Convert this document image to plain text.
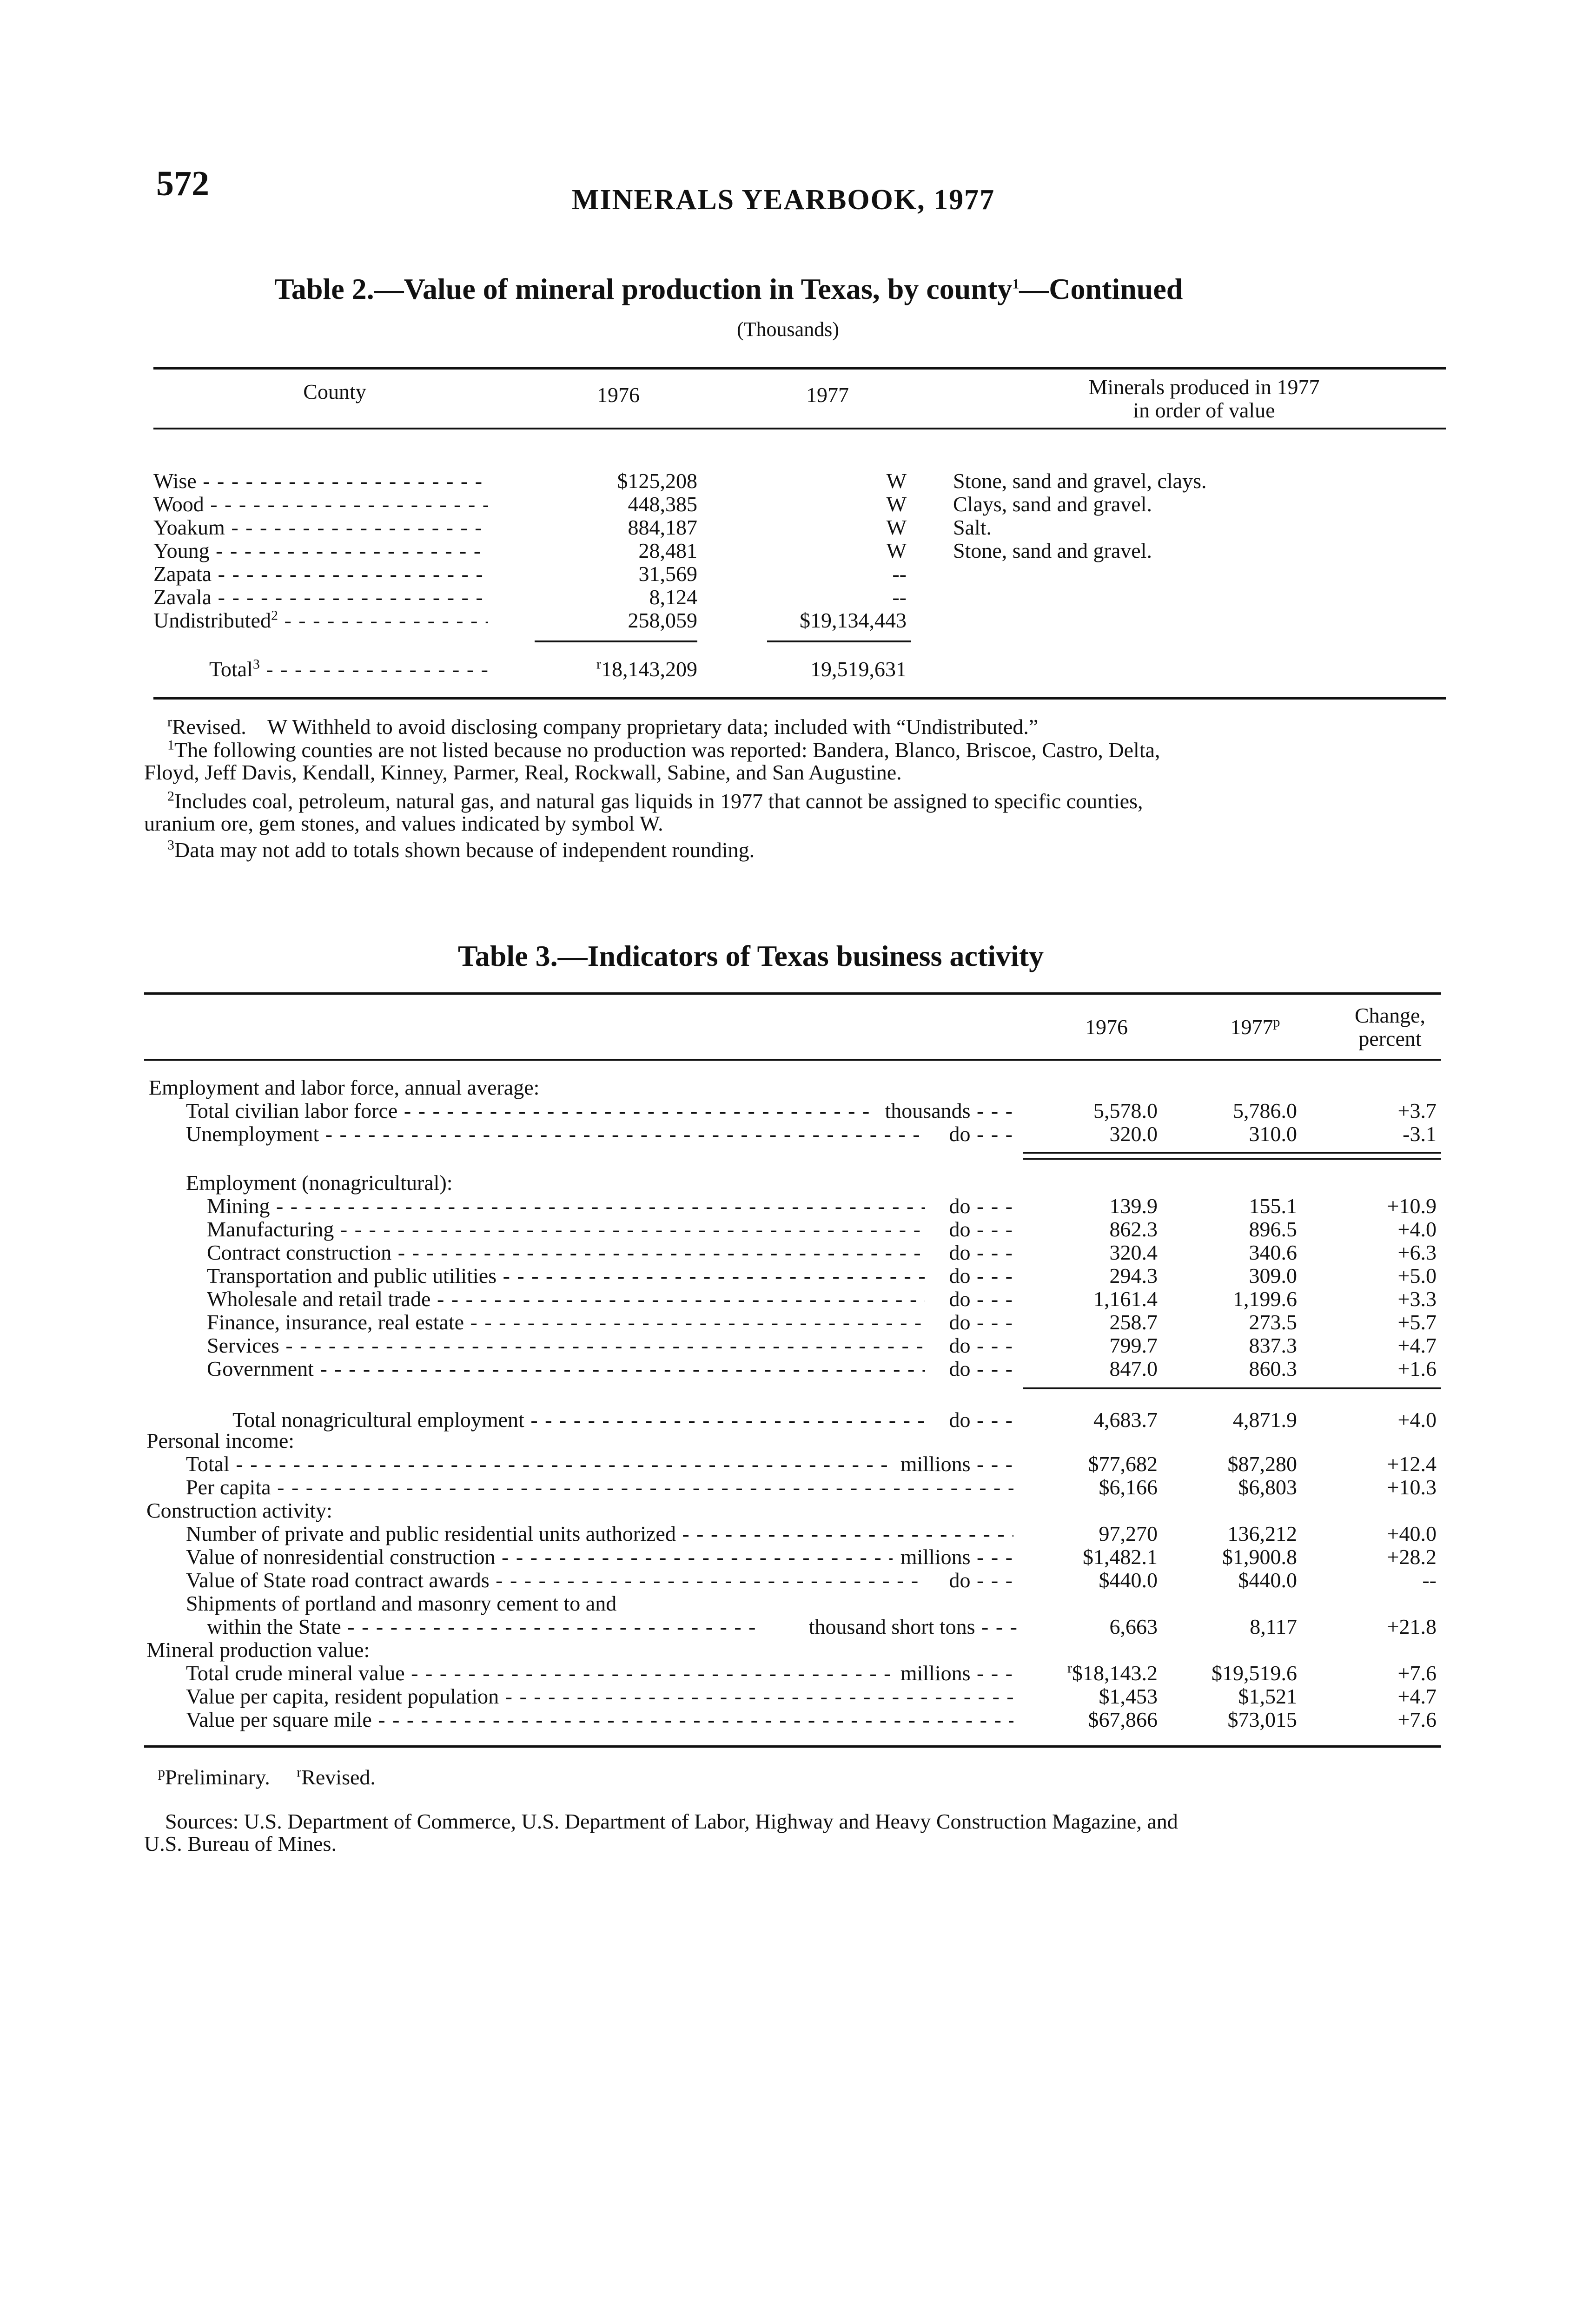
572	MINERALS YEARBOOK, 1977
Table 2.—Value of mineral production in Texas, by county$^1$—Continued
(Thousands)
County	1976	1977	Minerals produced in 1977
in order of value
Wise - - -	$125,208	W Stone, sand and gravel, clays.
Wood - - -	448,385	W Clays, sand and gravel.
Yoakum - - -	884,187	W Salt.
Young - - -	28,481	W Stone, sand and gravel.
Zapata - - -	31,569	--
Zavala - - -	8,124	--
Undistributed$^2$ - - -	258,059	$19,134,443
Total$^3$ - - -	$^r$18,143,209	19,519,631
$^r$Revised. W Withheld to avoid disclosing company proprietary data; included with “Undistributed.”
$^1$The following counties are not listed because no production was reported: Bandera, Blanco, Briscoe, Castro, Delta,
Floyd, Jeff Davis, Kendall, Kinney, Parmer, Real, Rockwall, Sabine, and San Augustine.
$^2$Includes coal, petroleum, natural gas, and natural gas liquids in 1977 that cannot be assigned to specific counties,
uranium ore, gem stones, and values indicated by symbol W.
$^3$Data may not add to totals shown because of independent rounding.
Table 3.—Indicators of Texas business activity
1976	1977$^p$	Change,
percent
Employment and labor force, annual average:
Total civilian labor force - - -	thousands - - -	5,578.0	5,786.0	+3.7
Unemployment - - -	do - - -	320.0	310.0	-3.1
Employment (nonagricultural):
Mining - - -	do - - -	139.9	155.1	+10.9
Manufacturing - - -	do - - -	862.3	896.5	+4.0
Contract construction - - -	do - - -	320.4	340.6	+6.3
Transportation and public utilities - - -	do - - -	294.3	309.0	+5.0
Wholesale and retail trade - - -	do - - -	1,161.4	1,199.6	+3.3
Finance, insurance, real estate - - -	do - - -	258.7	273.5	+5.7
Services - - -	do - - -	799.7	837.3	+4.7
Government - - -	do - - -	847.0	860.3	+1.6
Total nonagricultural employment - - -	do - - -	4,683.7	4,871.9	+4.0
Personal income:
Total - - -	millions - - -	$77,682	$87,280	+12.4
Per capita - - -	$6,166	$6,803	+10.3
Construction activity:
Number of private and public residential units authorized - - -	97,270	136,212	+40.0
Value of nonresidential construction - - -	millions - - -	$1,482.1	$1,900.8	+28.2
Value of State road contract awards - - -	do - - -	$440.0	$440.0	--
Shipments of portland and masonry cement to and
within the State - - -	thousand short tons - - -	6,663	8,117	+21.8
Mineral production value:
Total crude mineral value - - -	millions - - -	$^r$\$18,143.2	$19,519.6	+7.6
Value per capita, resident population - - -	$1,453	$1,521	+4.7
Value per square mile - - -	$67,866	$73,015	+7.6
$^p$Preliminary. $^r$Revised.
Sources: U.S. Department of Commerce, U.S. Department of Labor, Highway and Heavy Construction Magazine, and
U.S. Bureau of Mines.
